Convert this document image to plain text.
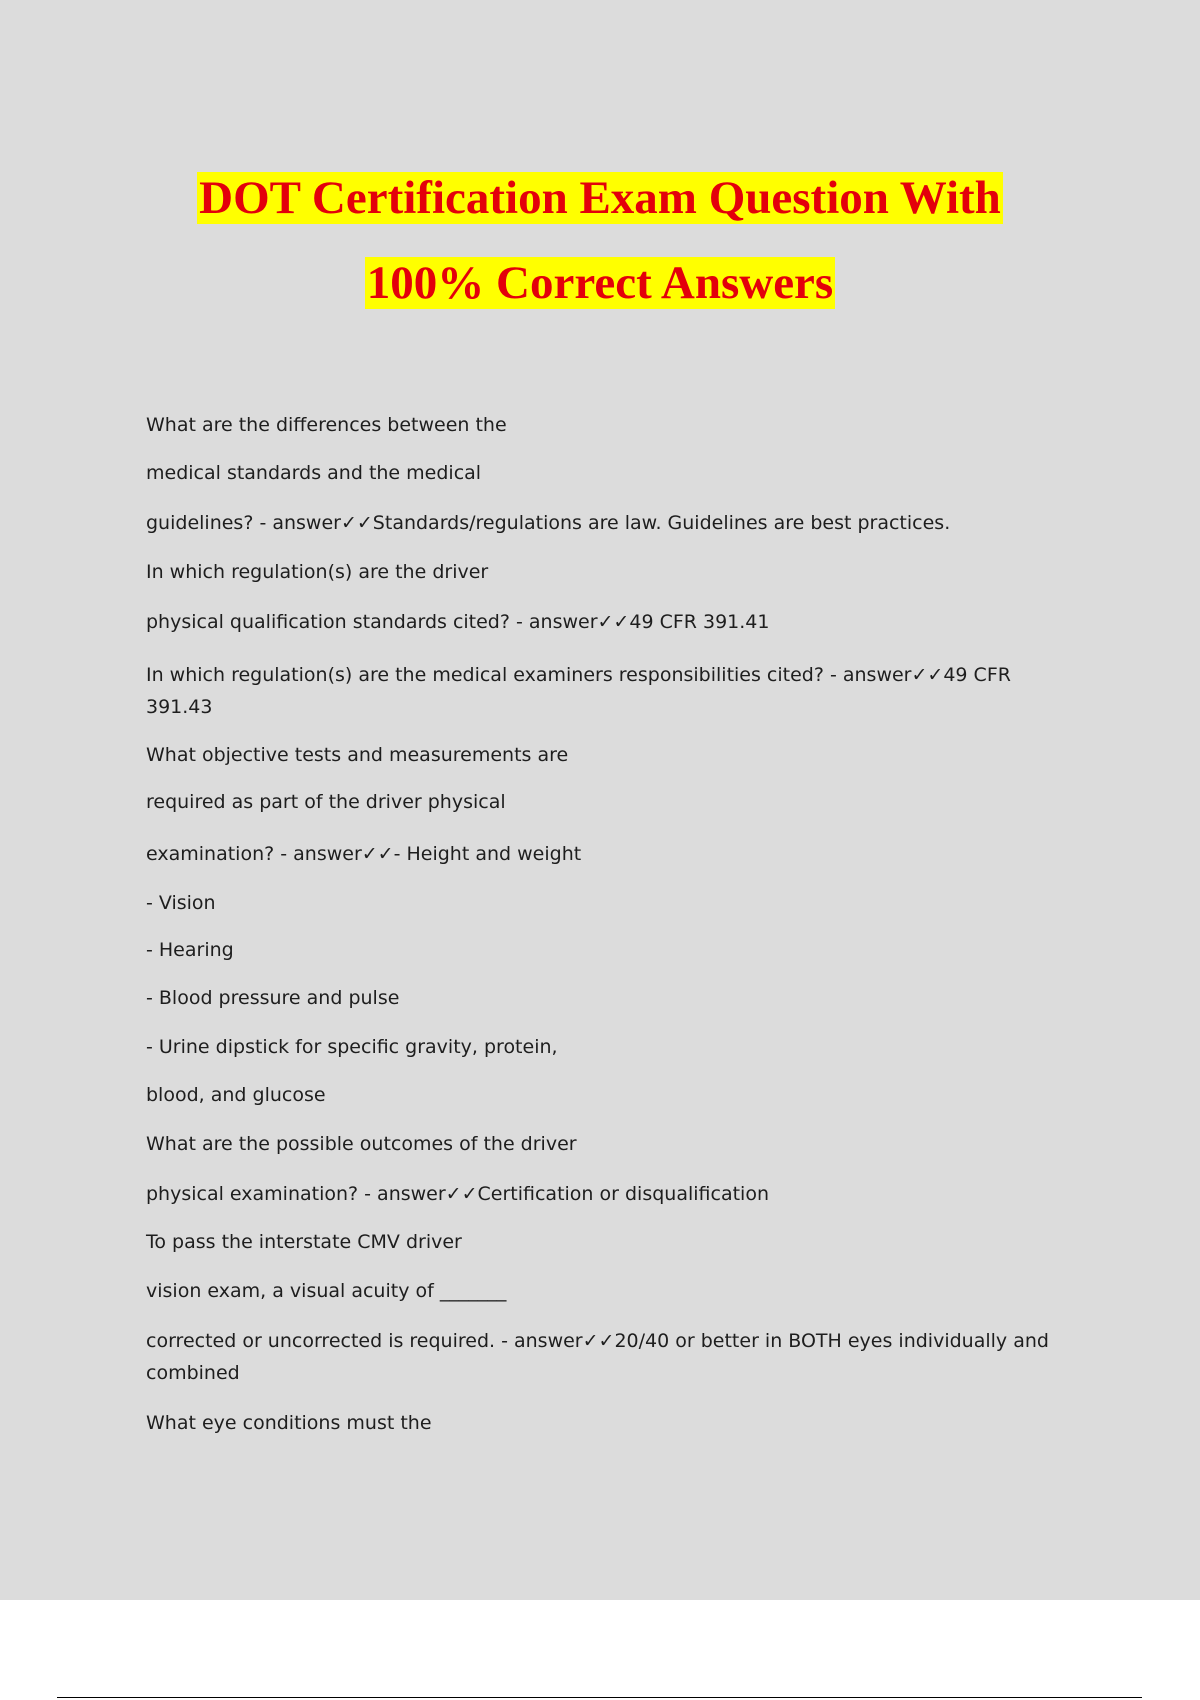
DOT Certification Exam Question With
100% Correct Answers
What are the differences between the
medical standards and the medical
guidelines? - answer✓✓Standards/regulations are law. Guidelines are best practices.
In which regulation(s) are the driver
physical qualification standards cited? - answer✓✓49 CFR 391.41
In which regulation(s) are the medical examiners responsibilities cited? - answer✓✓49 CFR 391.43
What objective tests and measurements are
required as part of the driver physical
examination? - answer✓✓- Height and weight
- Vision
- Hearing
- Blood pressure and pulse
- Urine dipstick for specific gravity, protein,
blood, and glucose
What are the possible outcomes of the driver
physical examination? - answer✓✓Certification or disqualification
To pass the interstate CMV driver
vision exam, a visual acuity of _______
corrected or uncorrected is required. - answer✓✓20/40 or better in BOTH eyes individually and combined
What eye conditions must the
